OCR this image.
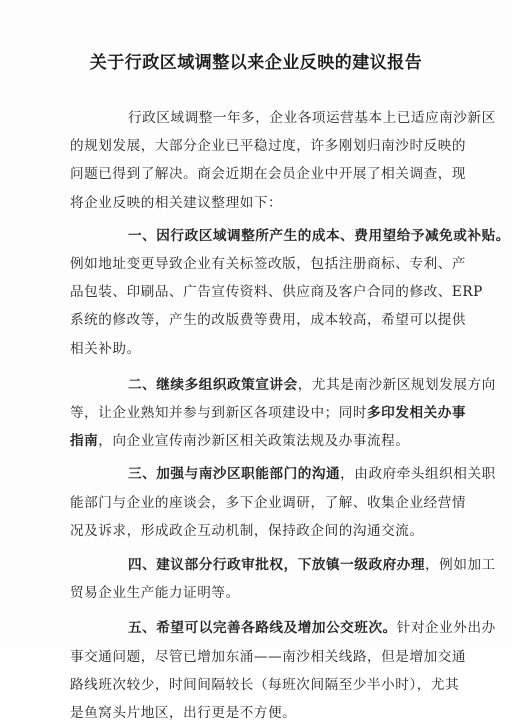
关于行政区域调整以来企业反映的建议报告
行政区域调整一年多，企业各项运营基本上已适应南沙新区
的规划发展，大部分企业已平稳过度，许多刚划归南沙时反映的
问题已得到了解决。商会近期在会员企业中开展了相关调查，现
将企业反映的相关建议整理如下：
一、因行政区域调整所产生的成本、费用望给予减免或补贴。
例如地址变更导致企业有关标签改版，包括注册商标、专利、产
品包装、印刷品、广告宣传资料、供应商及客户合同的修改、ERP
系统的修改等，产生的改版费等费用，成本较高，希望可以提供
相关补助。
二、继续多组织政策宣讲会，尤其是南沙新区规划发展方向
等，让企业熟知并参与到新区各项建设中；同时多印发相关办事
指南，向企业宣传南沙新区相关政策法规及办事流程。
三、加强与南沙区职能部门的沟通，由政府牵头组织相关职
能部门与企业的座谈会，多下企业调研，了解、收集企业经营情
况及诉求，形成政企互动机制，保持政企间的沟通交流。
四、建议部分行政审批权，下放镇一级政府办理，例如加工
贸易企业生产能力证明等。
五、希望可以完善各路线及增加公交班次。针对企业外出办
事交通问题，尽管已增加东涌——南沙相关线路，但是增加交通
路线班次较少，时间间隔较长（每班次间隔至少半小时），尤其
是鱼窝头片地区，出行更是不方便。
